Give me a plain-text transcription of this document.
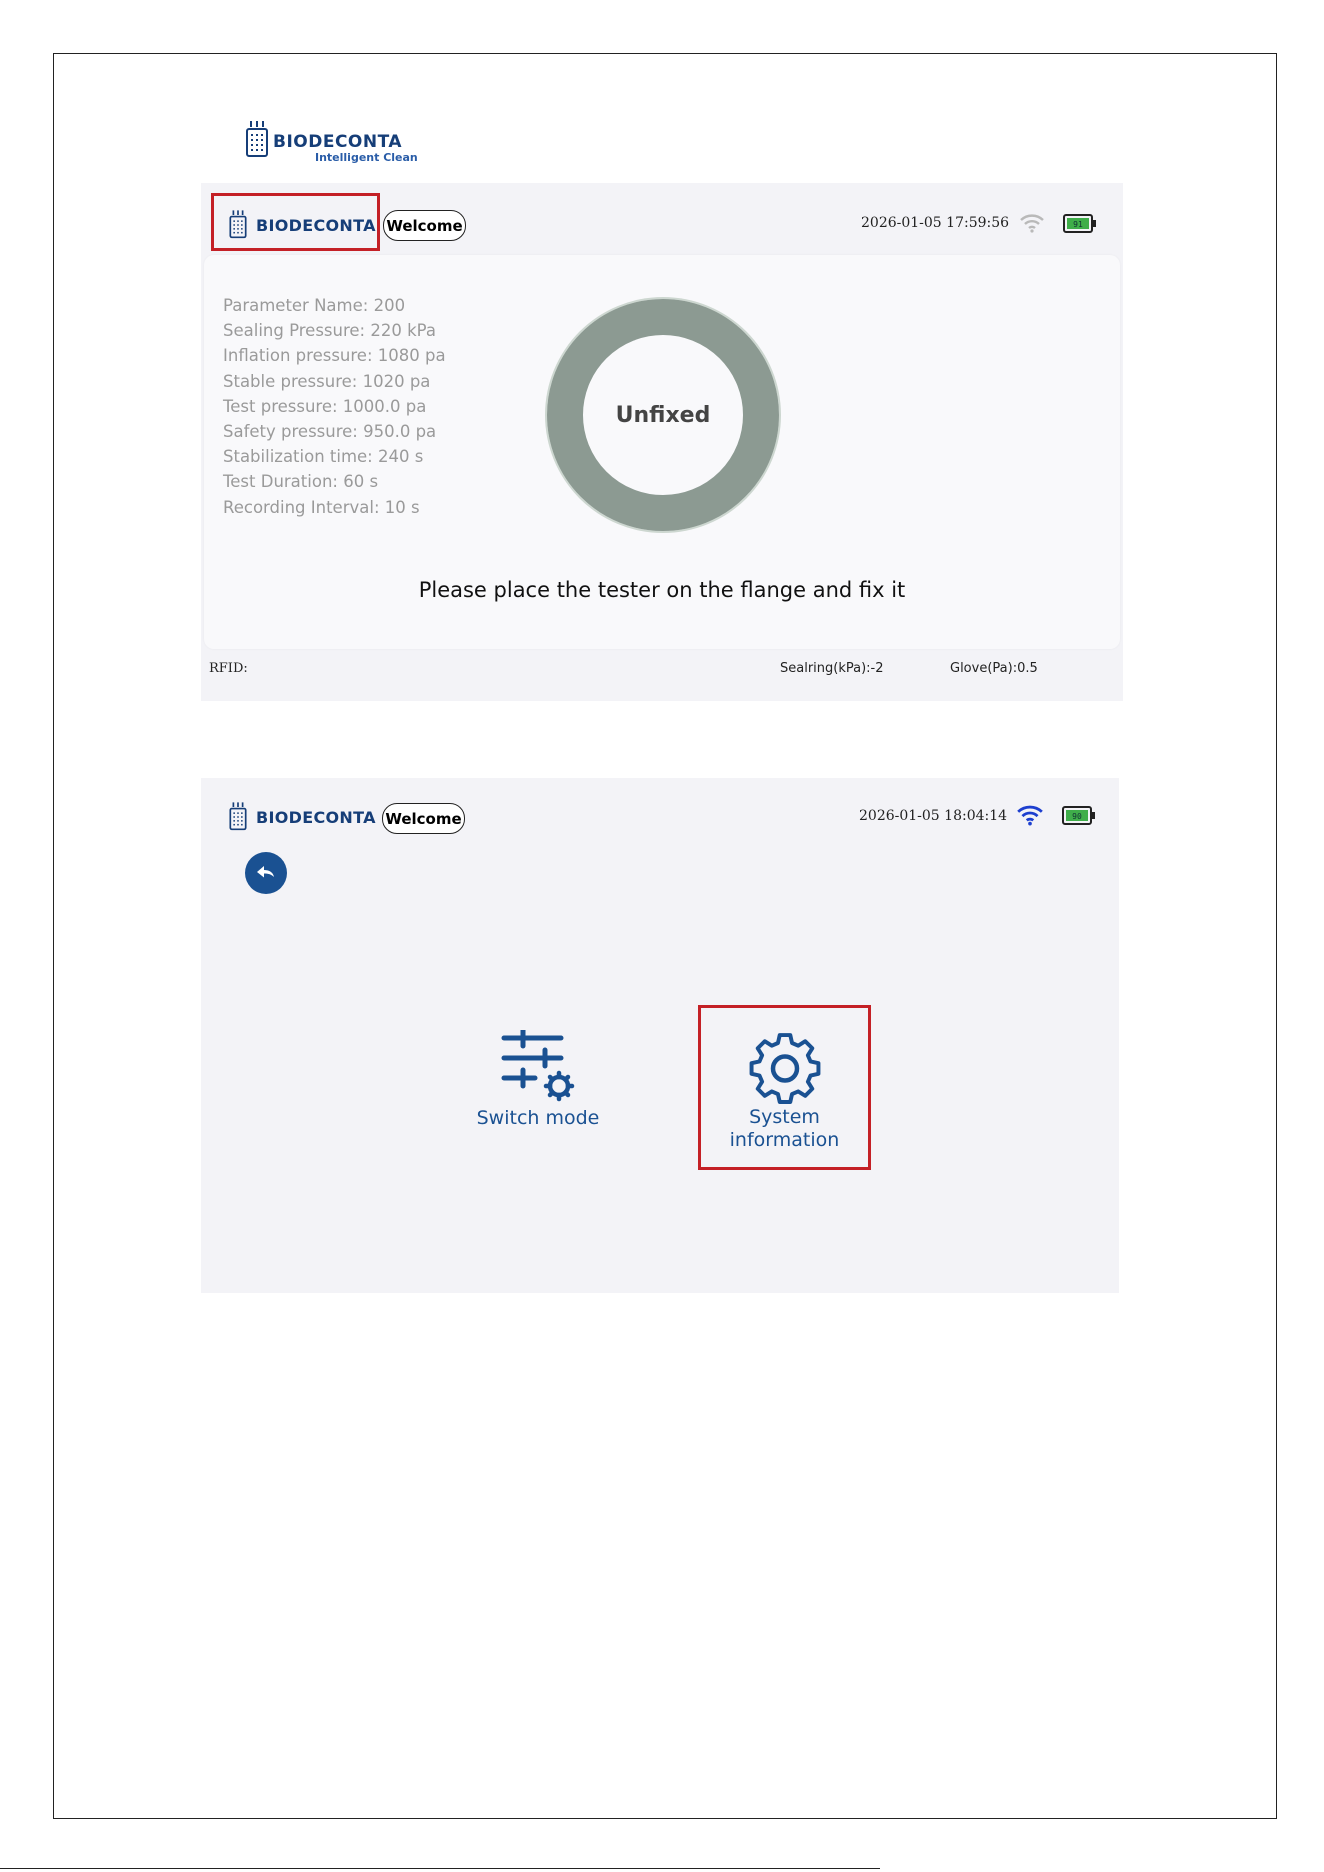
BIODECONTA
Intelligent Clean
BIODECONTA Welcome	2026-01-05 17:59:56	91
Parameter Name: 200
Sealing Pressure: 220 kPa
Inflation pressure: 1080 pa
Stable pressure: 1020 pa
Test pressure: 1000.0 pa
Safety pressure: 950.0 pa
Stabilization time: 240 s
Test Duration: 60 s
Recording Interval: 10 s
Unfixed
Please place the tester on the flange and fix it
RFID:	Sealring(kPa):-2	Glove(Pa):0.5
BIODECONTA Welcome	2026-01-05 18:04:14	90
Switch mode	System
information
